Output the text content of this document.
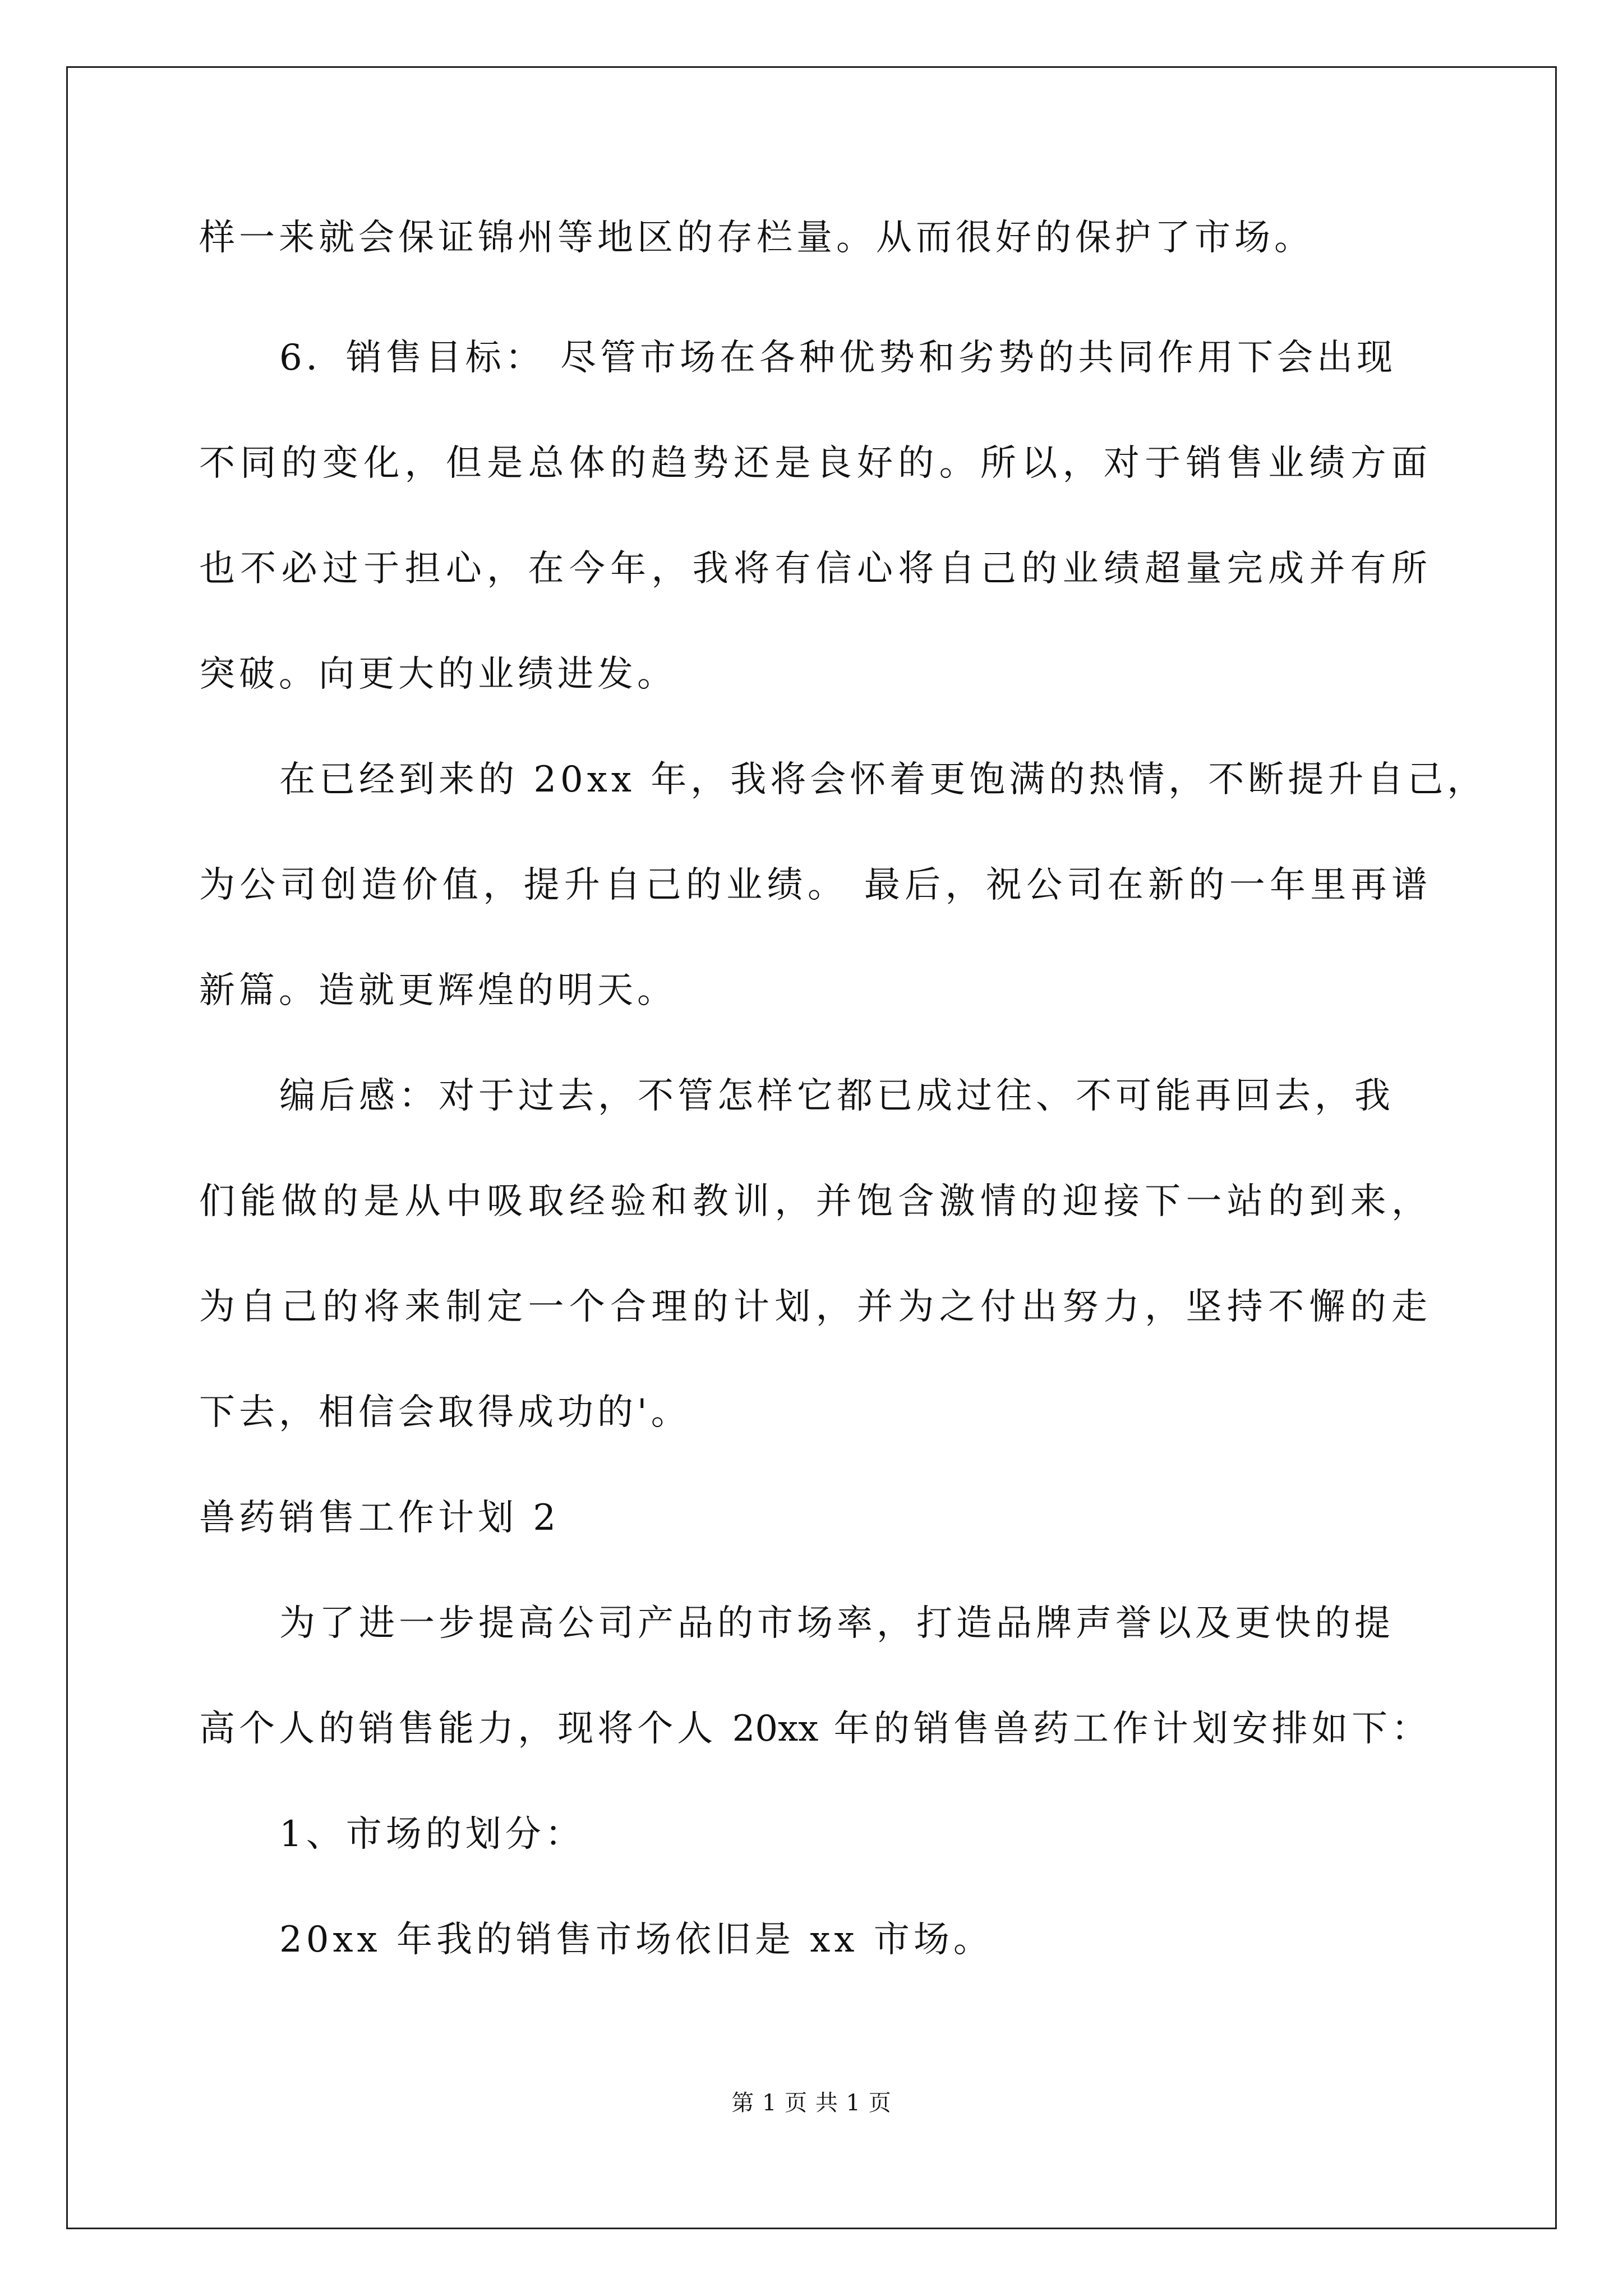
样一来就会保证锦州等地区的存栏量。从而很好的保护了市场。
6．销售目标： 尽管市场在各种优势和劣势的共同作用下会出现
不同的变化，但是总体的趋势还是良好的。所以，对于销售业绩方面
也不必过于担心，在今年，我将有信心将自己的业绩超量完成并有所
突破。向更大的业绩进发。
在已经到来的 20xx 年，我将会怀着更饱满的热情，不断提升自己，
为公司创造价值，提升自己的业绩。 最后，祝公司在新的一年里再谱
新篇。造就更辉煌的明天。
编后感：对于过去，不管怎样它都已成过往、不可能再回去，我
们能做的是从中吸取经验和教训，并饱含激情的迎接下一站的到来，
为自己的将来制定一个合理的计划，并为之付出努力，坚持不懈的走
下去，相信会取得成功的'。
兽药销售工作计划 2
为了进一步提高公司产品的市场率，打造品牌声誉以及更快的提
高个人的销售能力，现将个人 20xx 年的销售兽药工作计划安排如下：
1、市场的划分：
20xx 年我的销售市场依旧是 xx 市场。
第 1 页 共 1 页
